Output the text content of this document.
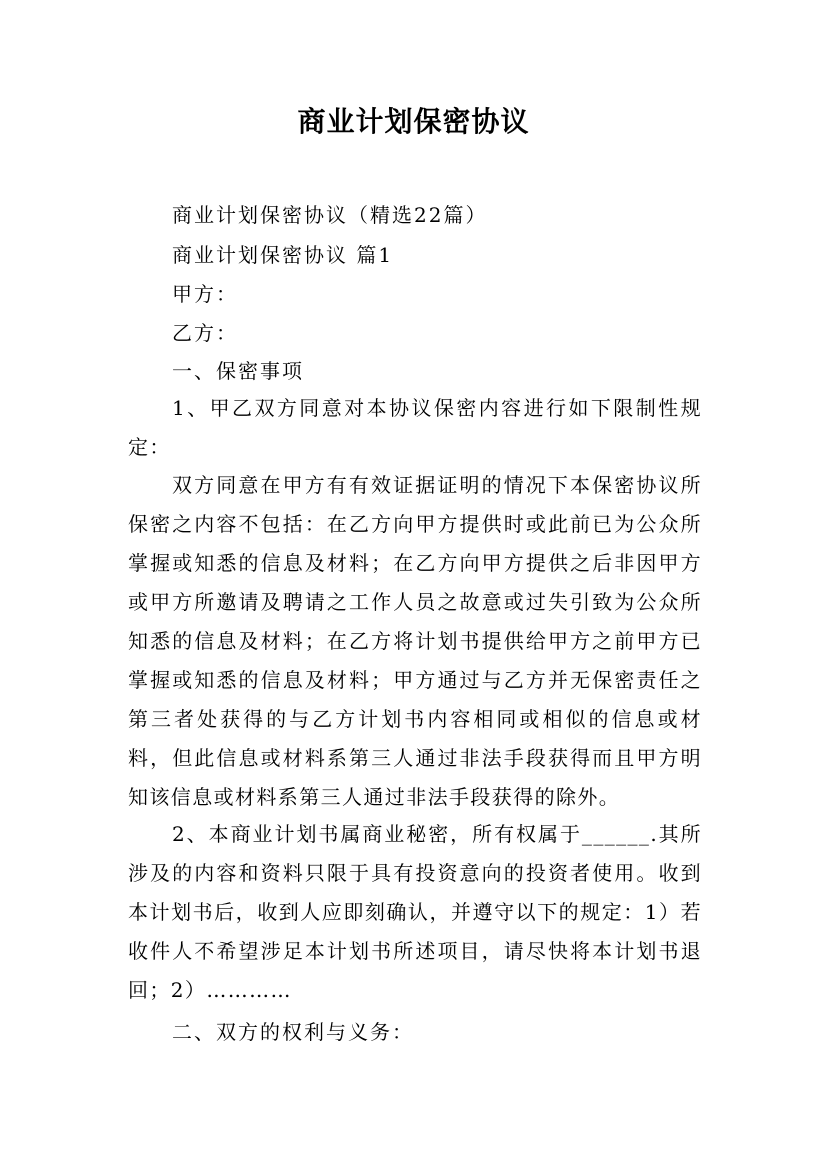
商业计划保密协议
商业计划保密协议（精选22篇）
商业计划保密协议 篇1
甲方：
乙方：
一、保密事项
1、甲乙双方同意对本协议保密内容进行如下限制性规定：
双方同意在甲方有有效证据证明的情况下本保密协议所保密之内容不包括：在乙方向甲方提供时或此前已为公众所掌握或知悉的信息及材料；在乙方向甲方提供之后非因甲方或甲方所邀请及聘请之工作人员之故意或过失引致为公众所知悉的信息及材料；在乙方将计划书提供给甲方之前甲方已掌握或知悉的信息及材料；甲方通过与乙方并无保密责任之第三者处获得的与乙方计划书内容相同或相似的信息或材料，但此信息或材料系第三人通过非法手段获得而且甲方明知该信息或材料系第三人通过非法手段获得的除外。
2、本商业计划书属商业秘密，所有权属于______.其所涉及的内容和资料只限于具有投资意向的投资者使用。收到本计划书后，收到人应即刻确认，并遵守以下的规定：1）若收件人不希望涉足本计划书所述项目，请尽快将本计划书退回；2）…………
二、双方的权利与义务：
